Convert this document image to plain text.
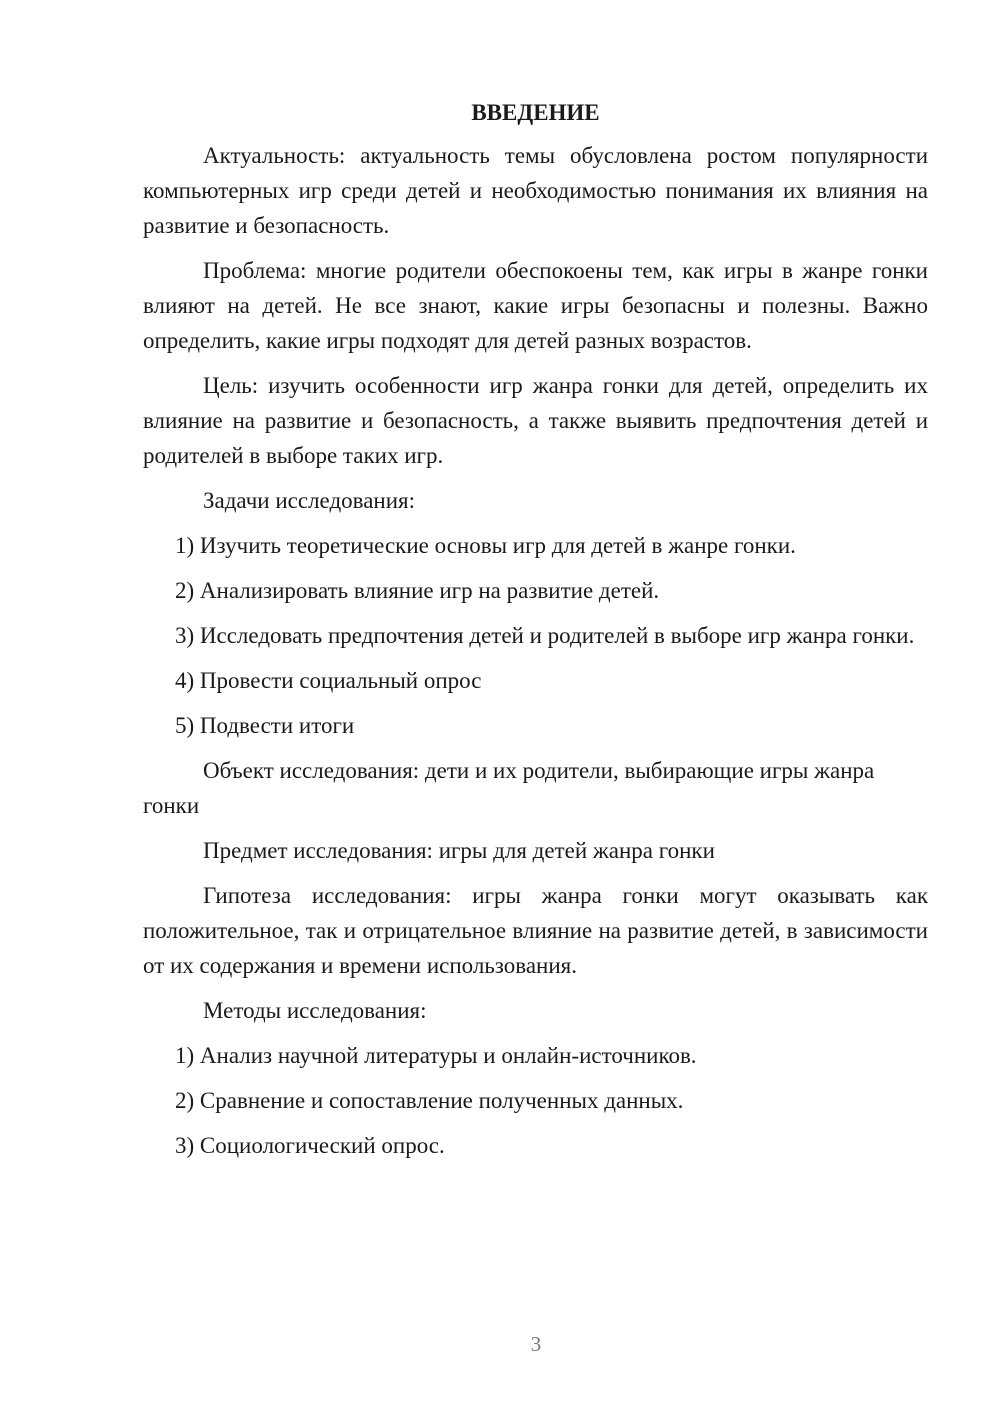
ВВЕДЕНИЕ

Актуальность: актуальность темы обусловлена ростом популярности компьютерных игр среди детей и необходимостью понимания их влияния на развитие и безопасность.

Проблема: многие родители обеспокоены тем, как игры в жанре гонки влияют на детей. Не все знают, какие игры безопасны и полезны. Важно определить, какие игры подходят для детей разных возрастов.

Цель: изучить особенности игр жанра гонки для детей, определить их влияние на развитие и безопасность, а также выявить предпочтения детей и родителей в выборе таких игр.

Задачи исследования:

1) Изучить теоретические основы игр для детей в жанре гонки.

2) Анализировать влияние игр на развитие детей.

3) Исследовать предпочтения детей и родителей в выборе игр жанра гонки.

4) Провести социальный опрос

5) Подвести итоги

Объект исследования: дети и их родители, выбирающие игры жанра гонки

Предмет исследования: игры для детей жанра гонки

Гипотеза исследования: игры жанра гонки могут оказывать как положительное, так и отрицательное влияние на развитие детей, в зависимости от их содержания и времени использования.

Методы исследования:

1) Анализ научной литературы и онлайн-источников.

2) Сравнение и сопоставление полученных данных.

3) Социологический опрос.

3
